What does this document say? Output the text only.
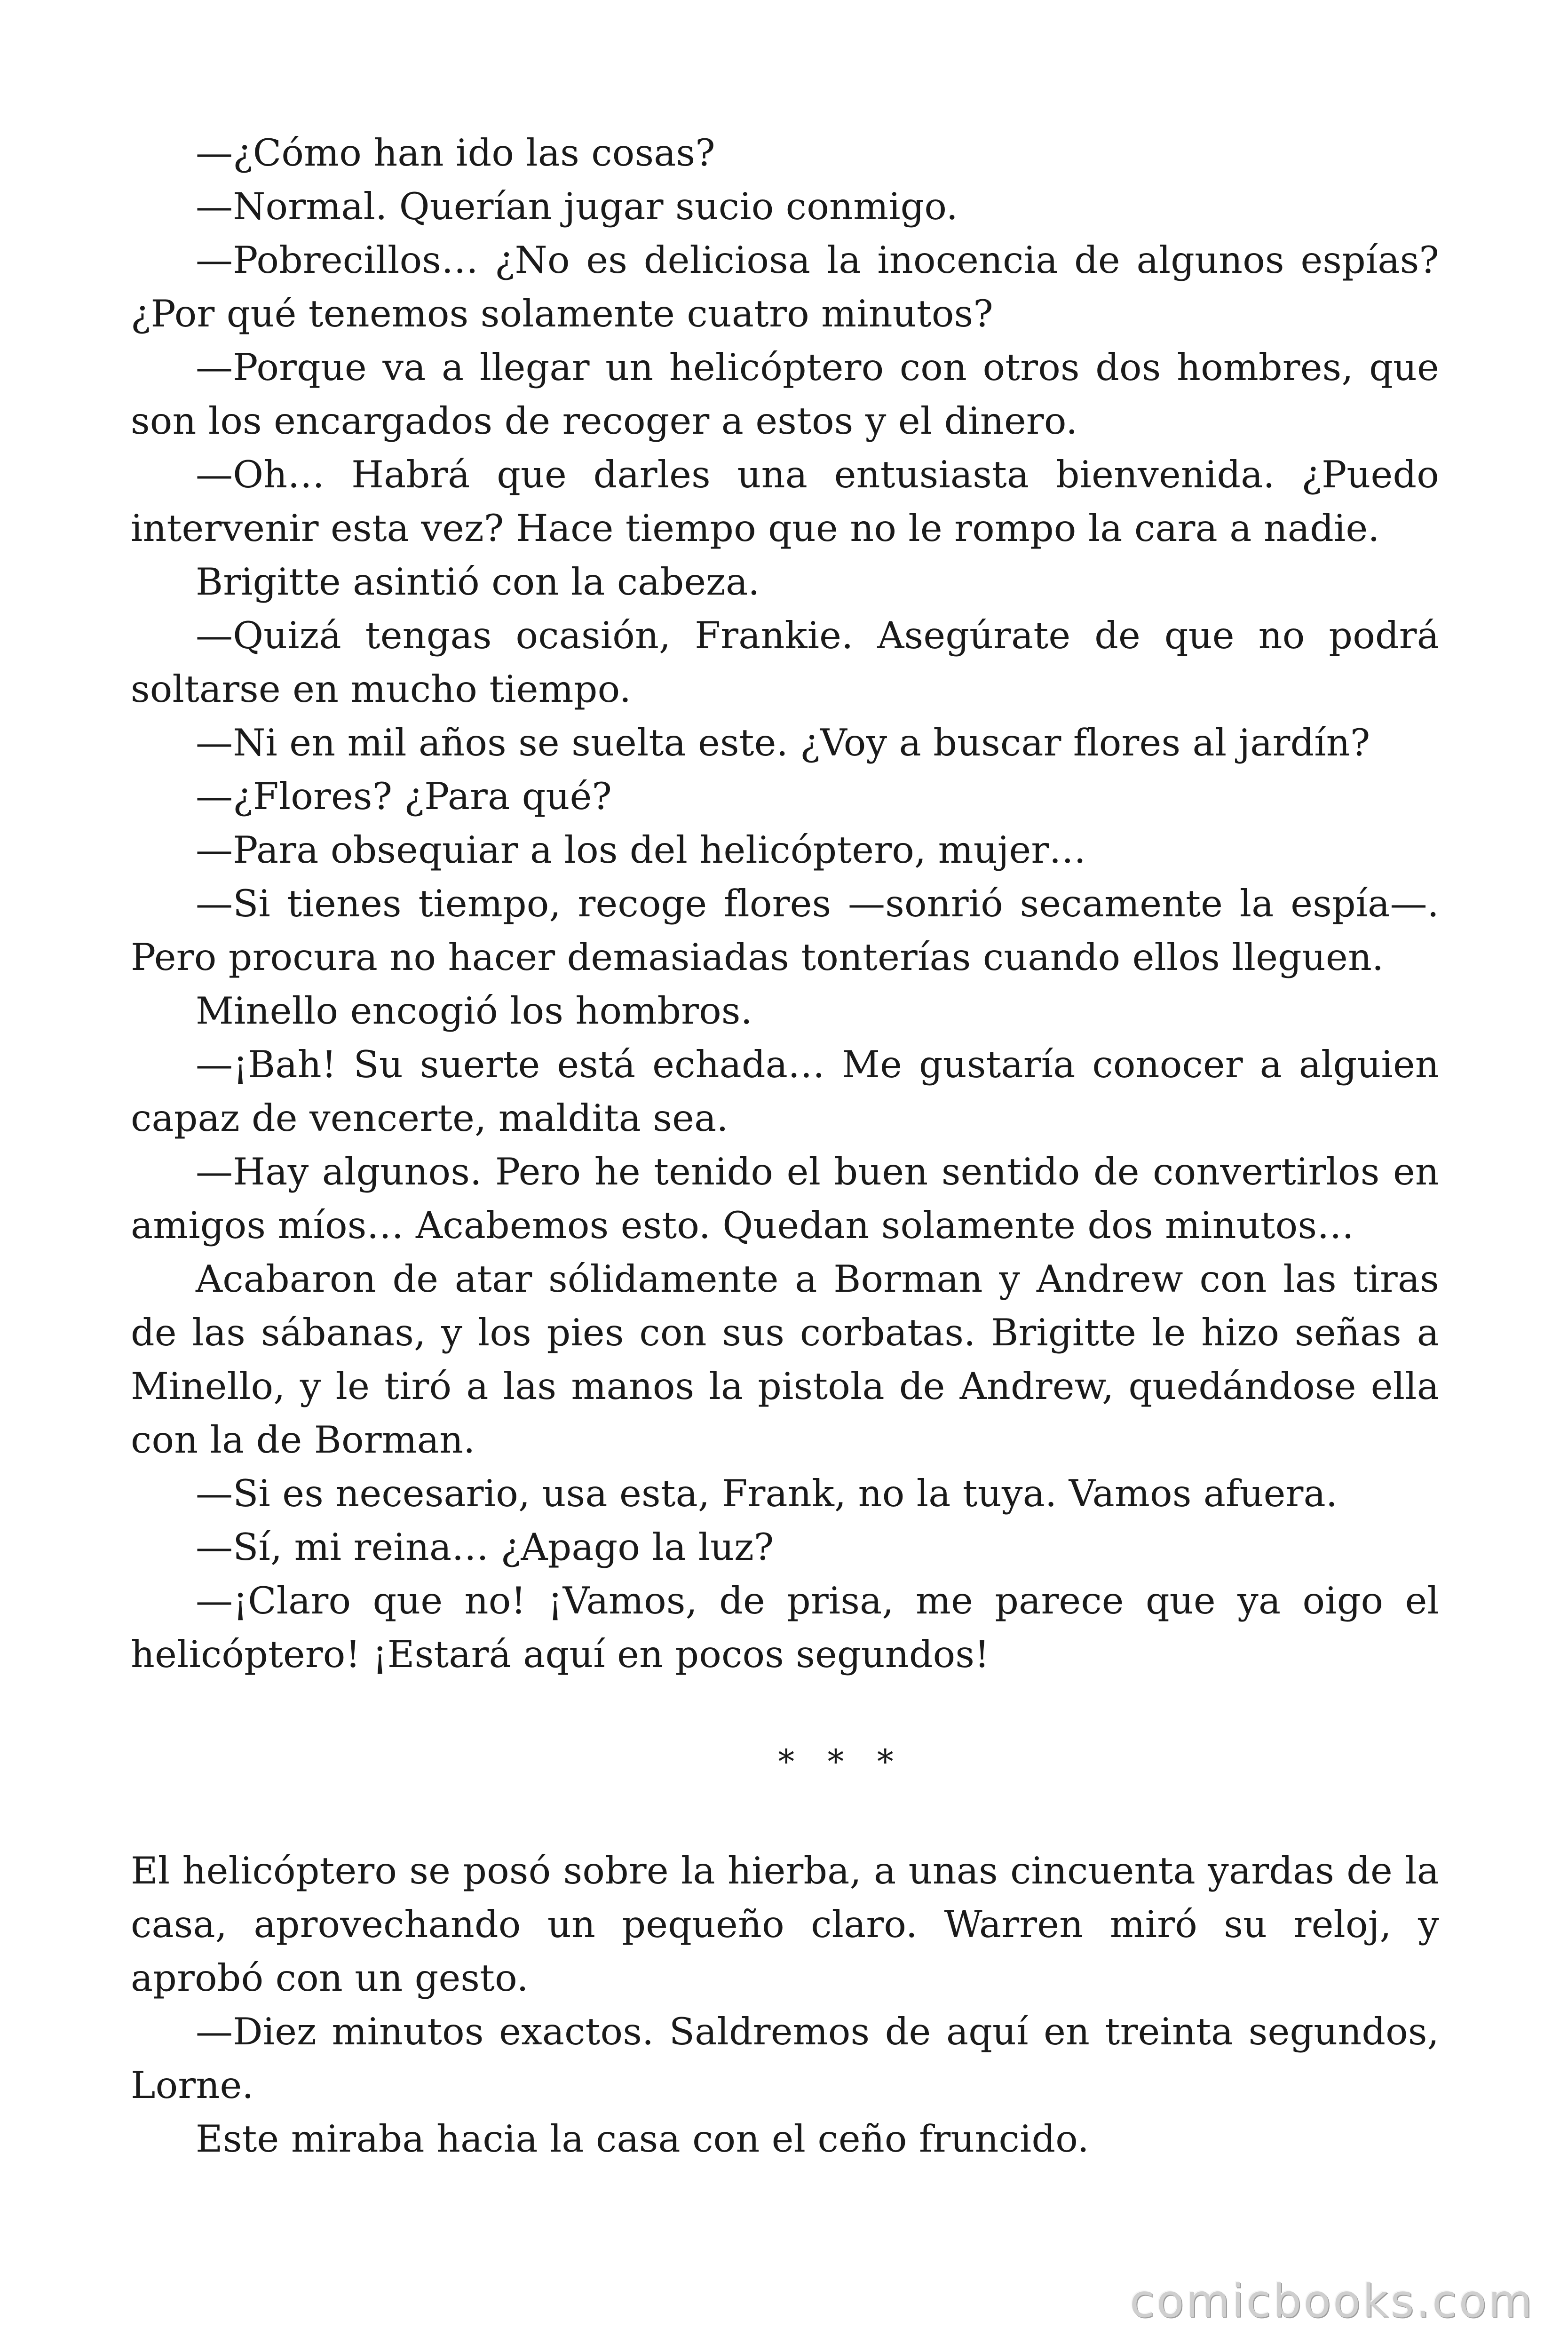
—¿Cómo han ido las cosas?

—Normal. Querían jugar sucio conmigo.

—Pobrecillos… ¿No es deliciosa la inocencia de algunos espías? ¿Por qué tenemos solamente cuatro minutos?

—Porque va a llegar un helicóptero con otros dos hombres, que son los encargados de recoger a estos y el dinero.

—Oh… Habrá que darles una entusiasta bienvenida. ¿Puedo intervenir esta vez? Hace tiempo que no le rompo la cara a nadie.

Brigitte asintió con la cabeza.

—Quizá tengas ocasión, Frankie. Asegúrate de que no podrá soltarse en mucho tiempo.

—Ni en mil años se suelta este. ¿Voy a buscar flores al jardín?

—¿Flores? ¿Para qué?

—Para obsequiar a los del helicóptero, mujer…

—Si tienes tiempo, recoge flores —sonrió secamente la espía—. Pero procura no hacer demasiadas tonterías cuando ellos lleguen.

Minello encogió los hombros.

—¡Bah! Su suerte está echada… Me gustaría conocer a alguien capaz de vencerte, maldita sea.

—Hay algunos. Pero he tenido el buen sentido de convertirlos en amigos míos… Acabemos esto. Quedan solamente dos minutos…

Acabaron de atar sólidamente a Borman y Andrew con las tiras de las sábanas, y los pies con sus corbatas. Brigitte le hizo señas a Minello, y le tiró a las manos la pistola de Andrew, quedándose ella con la de Borman.

—Si es necesario, usa esta, Frank, no la tuya. Vamos afuera.

—Sí, mi reina… ¿Apago la luz?

—¡Claro que no! ¡Vamos, de prisa, me parece que ya oigo el helicóptero! ¡Estará aquí en pocos segundos!

* * *

El helicóptero se posó sobre la hierba, a unas cincuenta yardas de la casa, aprovechando un pequeño claro. Warren miró su reloj, y aprobó con un gesto.

—Diez minutos exactos. Saldremos de aquí en treinta segundos, Lorne.

Este miraba hacia la casa con el ceño fruncido.

comicbooks.com
